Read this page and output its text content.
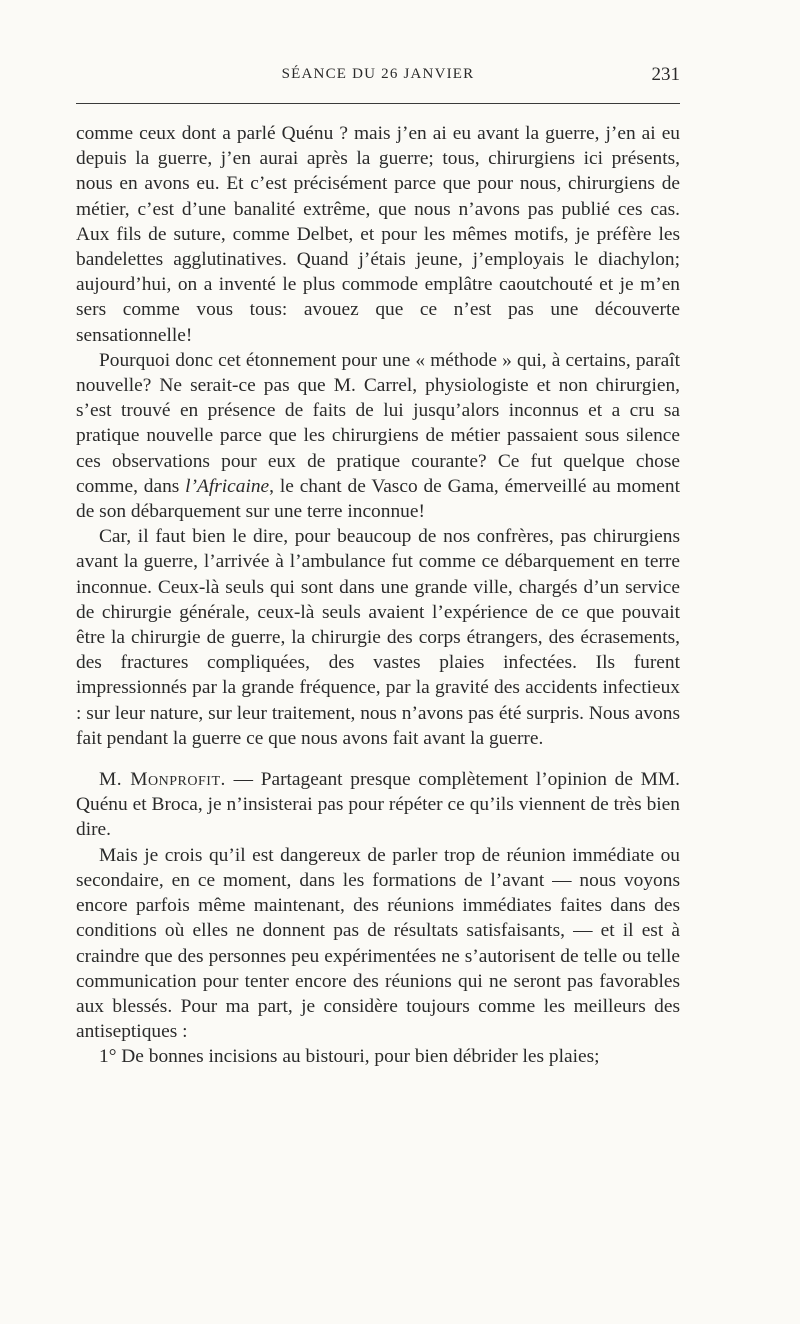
SÉANCE DU 26 JANVIER	231

comme ceux dont a parlé Quénu ? mais j’en ai eu avant la guerre, j’en ai eu depuis la guerre, j’en aurai après la guerre; tous, chirurgiens ici présents, nous en avons eu. Et c’est précisément parce que pour nous, chirurgiens de métier, c’est d’une banalité extrême, que nous n’avons pas publié ces cas. Aux fils de suture, comme Delbet, et pour les mêmes motifs, je préfère les bandelettes agglutinatives. Quand j’étais jeune, j’employais le diachylon; aujourd’hui, on a inventé le plus commode emplâtre caoutchouté et je m’en sers comme vous tous: avouez que ce n’est pas une découverte sensationnelle!

Pourquoi donc cet étonnement pour une « méthode » qui, à certains, paraît nouvelle? Ne serait-ce pas que M. Carrel, physiologiste et non chirurgien, s’est trouvé en présence de faits de lui jusqu’alors inconnus et a cru sa pratique nouvelle parce que les chirurgiens de métier passaient sous silence ces observations pour eux de pratique courante? Ce fut quelque chose comme, dans l’Africaine, le chant de Vasco de Gama, émerveillé au moment de son débarquement sur une terre inconnue!

Car, il faut bien le dire, pour beaucoup de nos confrères, pas chirurgiens avant la guerre, l’arrivée à l’ambulance fut comme ce débarquement en terre inconnue. Ceux-là seuls qui sont dans une grande ville, chargés d’un service de chirurgie générale, ceux-là seuls avaient l’expérience de ce que pouvait être la chirurgie de guerre, la chirurgie des corps étrangers, des écrasements, des fractures compliquées, des vastes plaies infectées. Ils furent impressionnés par la grande fréquence, par la gravité des accidents infectieux : sur leur nature, sur leur traitement, nous n’avons pas été surpris. Nous avons fait pendant la guerre ce que nous avons fait avant la guerre.

M. Monprofit. — Partageant presque complètement l’opinion de MM. Quénu et Broca, je n’insisterai pas pour répéter ce qu’ils viennent de très bien dire.

Mais je crois qu’il est dangereux de parler trop de réunion immédiate ou secondaire, en ce moment, dans les formations de l’avant — nous voyons encore parfois même maintenant, des réunions immédiates faites dans des conditions où elles ne donnent pas de résultats satisfaisants, — et il est à craindre que des personnes peu expérimentées ne s’autorisent de telle ou telle communication pour tenter encore des réunions qui ne seront pas favorables aux blessés. Pour ma part, je considère toujours comme les meilleurs des antiseptiques :

1° De bonnes incisions au bistouri, pour bien débrider les plaies;
